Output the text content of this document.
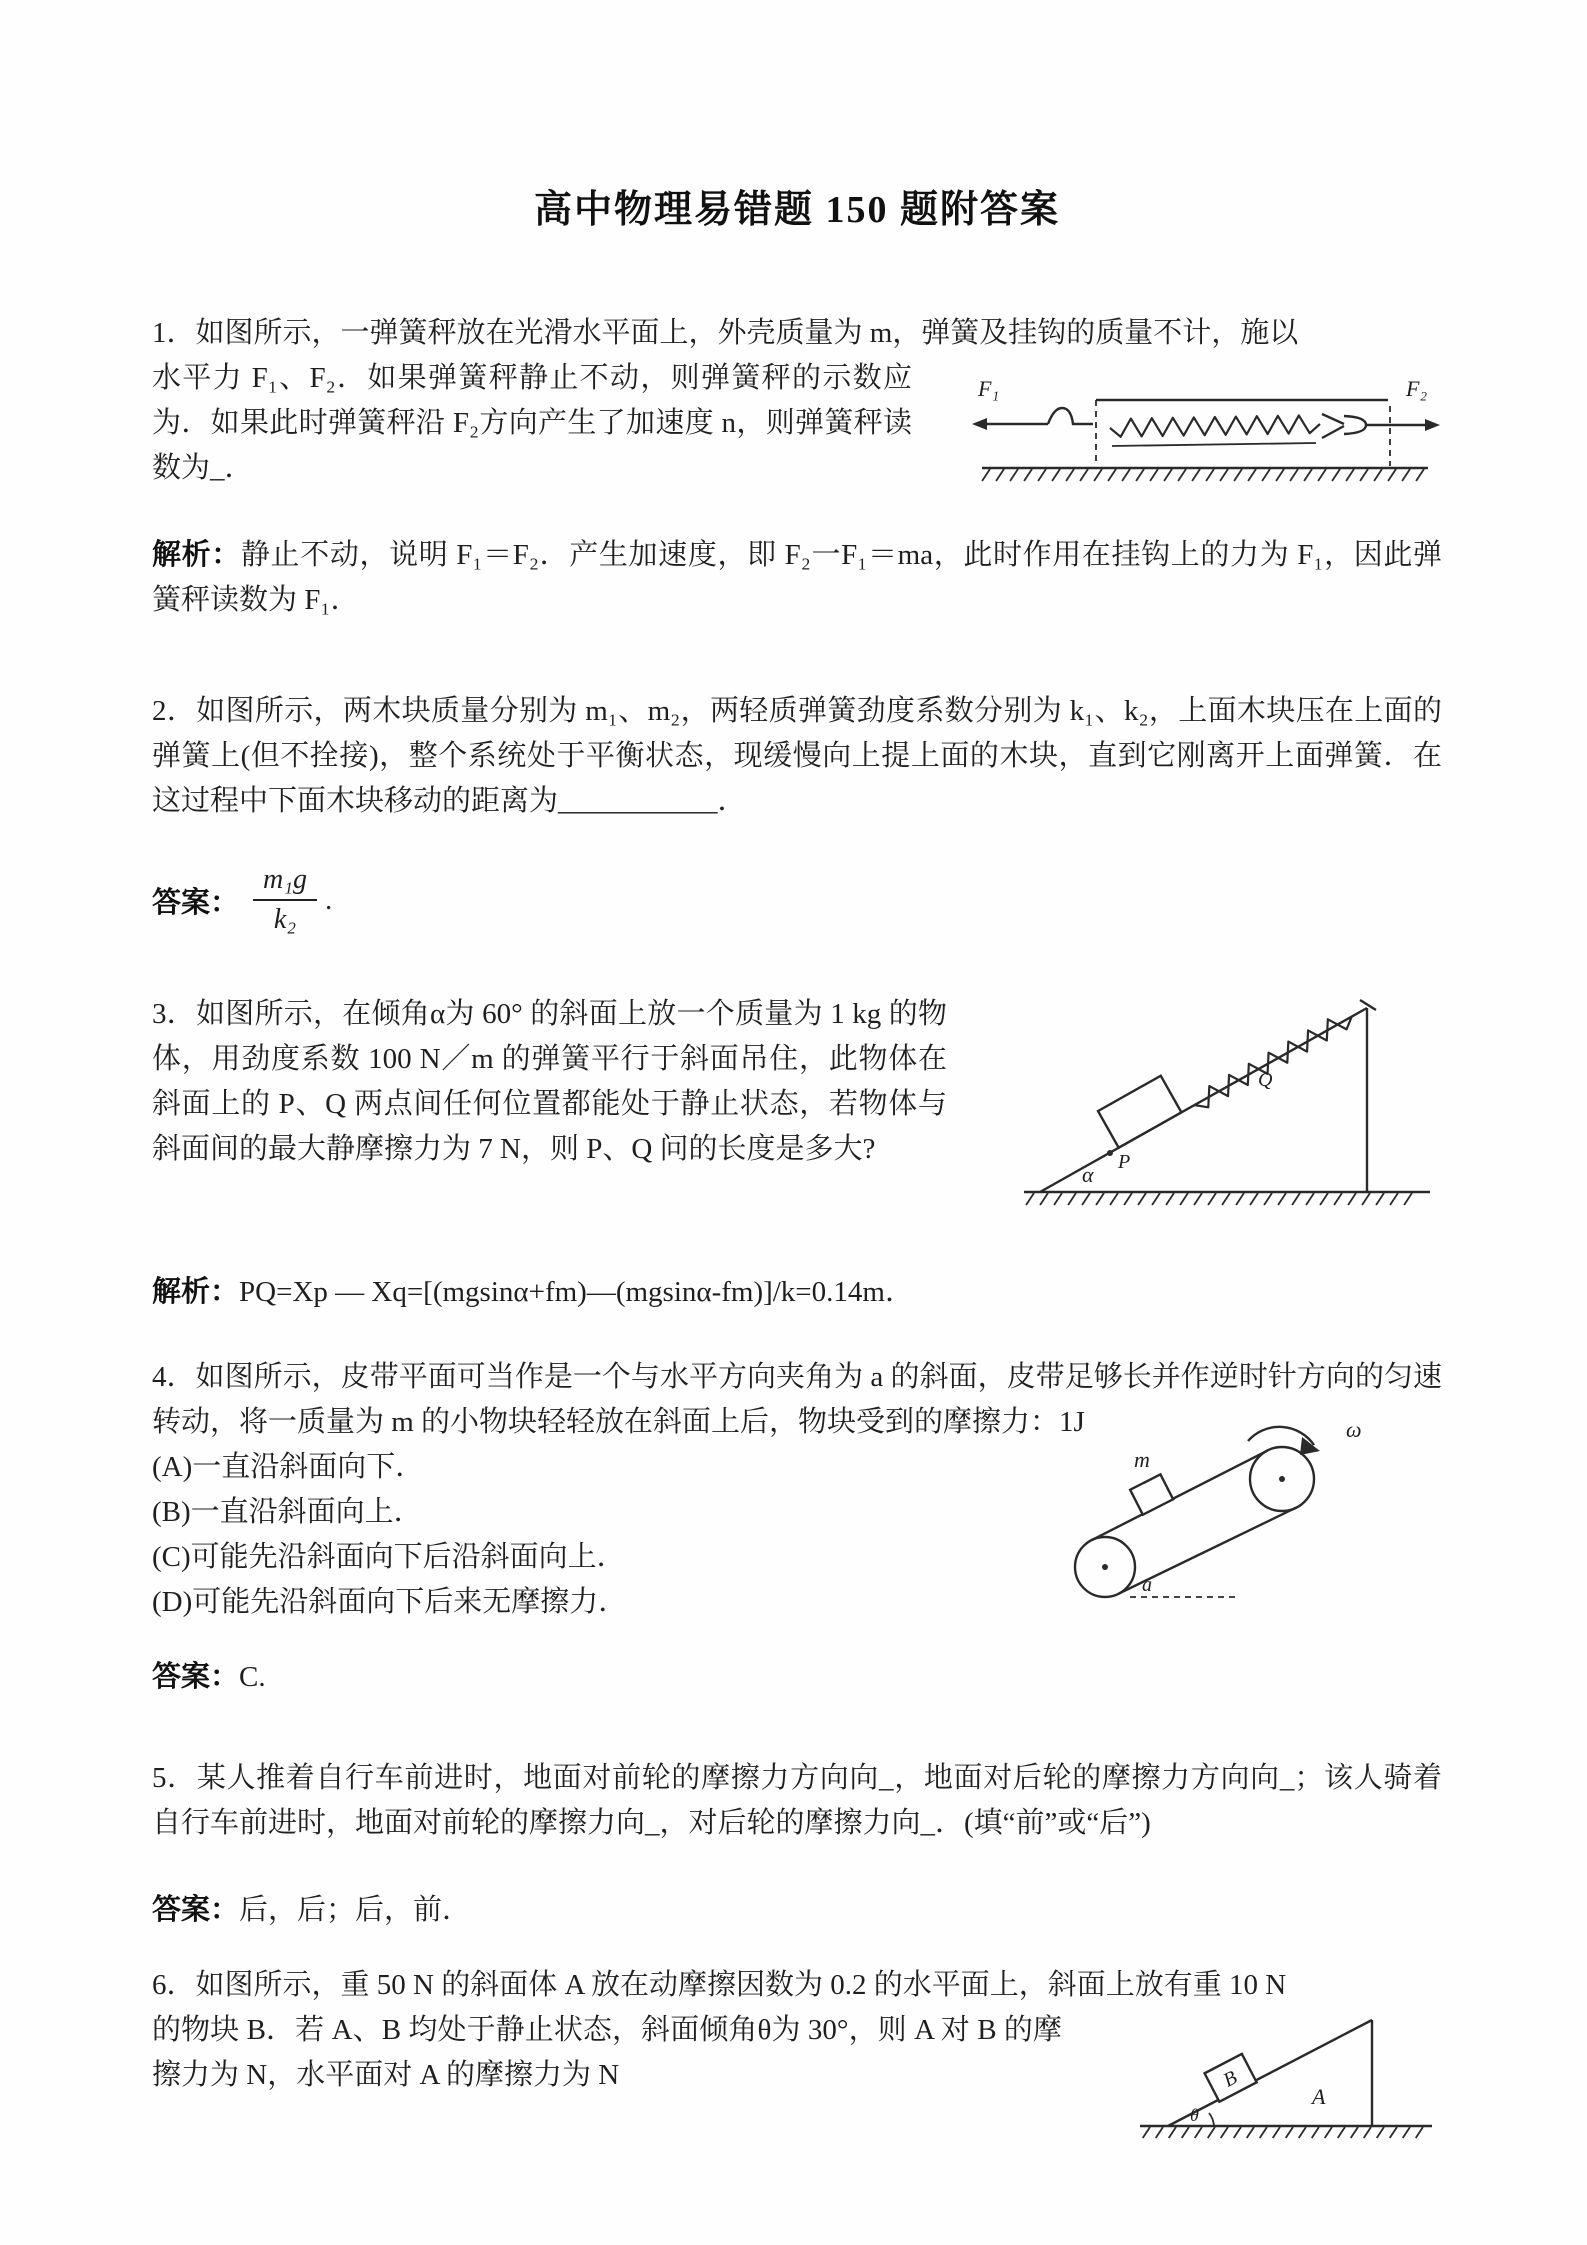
高中物理易错题 150 题附答案

1．如图所示，一弹簧秤放在光滑水平面上，外壳质量为 m，弹簧及挂钩的质量不计，施以

水平力 F₁、F₂．如果弹簧秤静止不动，则弹簧秤的示数应为．如果此时弹簧秤沿 F₂方向产生了加速度 n，则弹簧秤读数为_．

F₁	F₂

解析：静止不动，说明 F₁＝F₂．产生加速度，即 F₂一F₁＝ma，此时作用在挂钩上的力为 F₁，因此弹簧秤读数为 F₁．

2．如图所示，两木块质量分别为 m₁、m₂，两轻质弹簧劲度系数分别为 k₁、k₂，上面木块压在上面的弹簧上(但不拴接)，整个系统处于平衡状态，现缓慢向上提上面的木块，直到它刚离开上面弹簧．在这过程中下面木块移动的距离为___________．

答案： $\frac{\text{m₁g}}{\text{k₂}}$ .

3．如图所示，在倾角α为 60° 的斜面上放一个质量为 1 kg 的物体，用劲度系数 100 N／m 的弹簧平行于斜面吊住，此物体在斜面上的 P、Q 两点间任何位置都能处于静止状态，若物体与斜面间的最大静摩擦力为 7 N，则 P、Q 问的长度是多大?

α P
Q

解析：PQ=Xp — Xq=[(mgsinα+fm)—(mgsinα-fm)]/k=0.14m．

4．如图所示，皮带平面可当作是一个与水平方向夹角为 a 的斜面，皮带足够长并作逆时针方向的匀速转动，将一质量为 m 的小物块轻轻放在斜面上后，物块受到的摩擦力：1J

(A)一直沿斜面向下．

(B)一直沿斜面向上．

(C)可能先沿斜面向下后沿斜面向上．

(D)可能先沿斜面向下后来无摩擦力．

m
ω
a

答案：C.

5．某人推着自行车前进时，地面对前轮的摩擦力方向向_，地面对后轮的摩擦力方向向_；该人骑着自行车前进时，地面对前轮的摩擦力向_，对后轮的摩擦力向_．(填“前”或“后”)

答案：后，后；后，前．

6．如图所示，重 50 N 的斜面体 A 放在动摩擦因数为 0.2 的水平面上，斜面上放有重 10 N

的物块 B．若 A、B 均处于静止状态，斜面倾角θ为 30°，则 A 对 B 的摩擦力为 N，水平面对 A 的摩擦力为 N	B
A
θ
